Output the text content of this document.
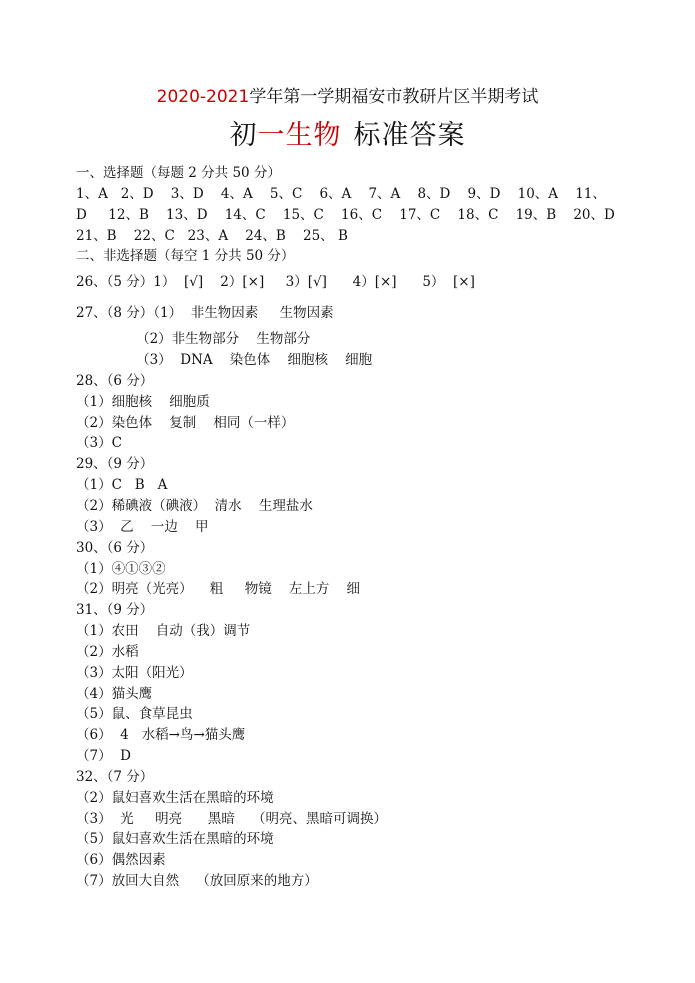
2020-2021学年第一学期福安市教研片区半期考试
初一生物 标准答案
一、选择题（每题 2 分共 50 分）
1、A   2、D    3、D    4、A    5、C    6、A    7、A    8、D    9、D    10、A    11、
D     12、B    13、D    14、C    15、C    16、C    17、C    18、C    19、B    20、D
21、B    22、C   23、A    24、B    25、 B
二、非选择题（每空 1 分共 50 分）
26、（5 分）1）  [√]    2）[×]     3）[√]      4）[×]      5）  [×]
27、（8 分）（1）  非生物因素     生物因素
（2）非生物部分    生物部分
（3）  DNA    染色体    细胞核    细胞
28、（6 分）
（1）细胞核    细胞质
（2）染色体    复制    相同（一样）
（3）C
29、（9 分）
（1）C   B   A
（2）稀碘液（碘液）  清水    生理盐水
（3）  乙    一边    甲
30、（6 分）
（1）④①③②
（2）明亮（光亮）    粗     物镜    左上方    细
31、（9 分）
（1）农田    自动（我）调节
（2）水稻
（3）太阳（阳光）
（4）猫头鹰
（5）鼠、食草昆虫
（6）  4   水稻→鸟→猫头鹰
（7）  D
32、（7 分）
（2）鼠妇喜欢生活在黑暗的环境
（3）  光     明亮      黑暗    （明亮、黑暗可调换）
（5）鼠妇喜欢生活在黑暗的环境
（6）偶然因素
（7）放回大自然    （放回原来的地方）
